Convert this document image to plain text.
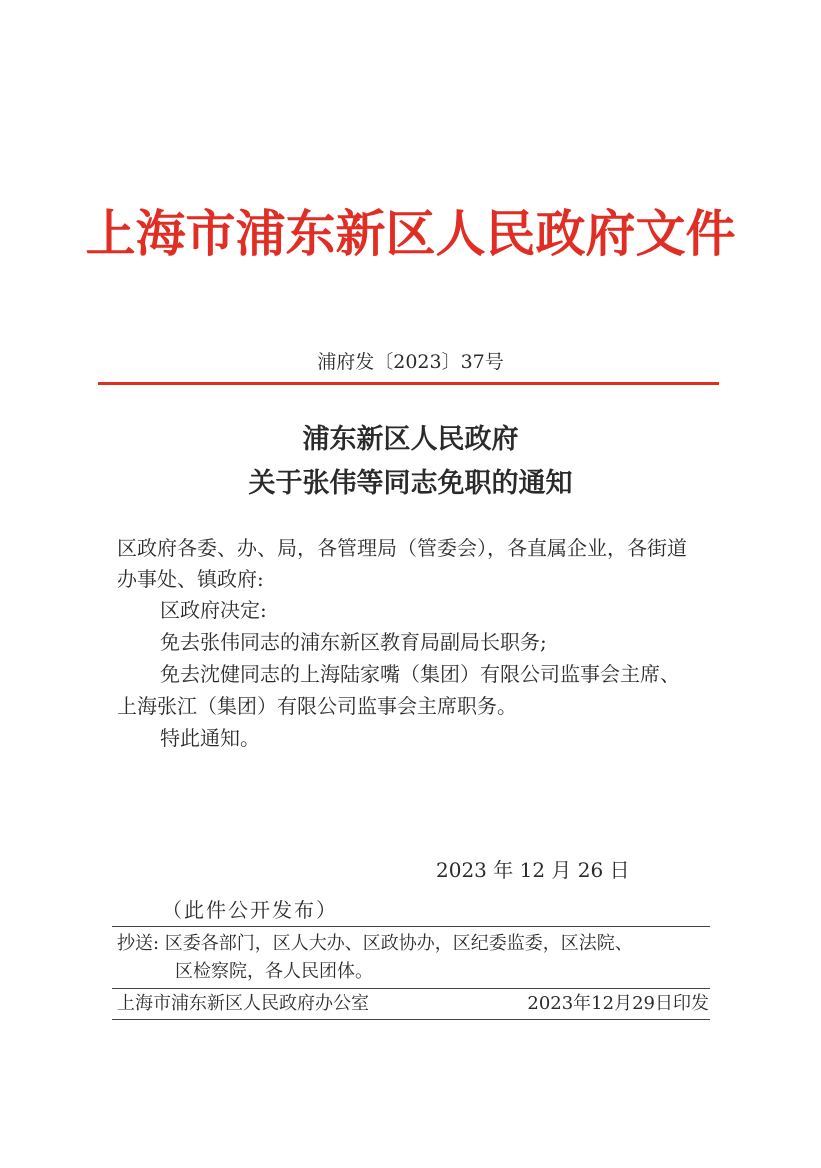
上海市浦东新区人民政府文件
浦府发〔2023〕37号
浦东新区人民政府
关于张伟等同志免职的通知
区政府各委、办、局，各管理局（管委会），各直属企业，各街道
办事处、镇政府:
区政府决定:
免去张伟同志的浦东新区教育局副局长职务;
免去沈健同志的上海陆家嘴（集团）有限公司监事会主席、
上海张江（集团）有限公司监事会主席职务。
特此通知。
2023 年 12 月 26 日
（此件公开发布）
抄送: 区委各部门，区人大办、区政协办，区纪委监委，区法院、
区检察院，各人民团体。
上海市浦东新区人民政府办公室	2023年12月29日印发
